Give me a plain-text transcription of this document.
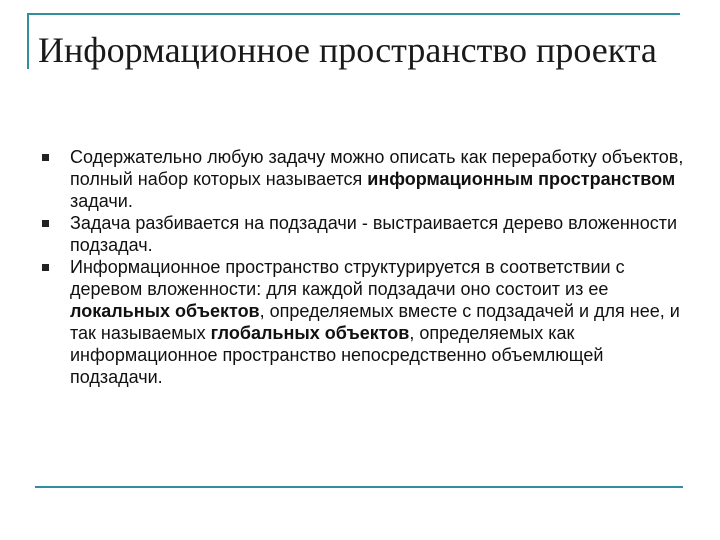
Информационное пространство проекта
Содержательно любую задачу можно описать как переработку объектов, полный набор которых называется информационным пространством задачи.
Задача разбивается на подзадачи - выстраивается дерево вложенности подзадач.
Информационное пространство структурируется в соответствии с деревом вложенности: для каждой подзадачи оно состоит из ее локальных объектов, определяемых вместе с подзадачей и для нее, и так называемых глобальных объектов, определяемых как информационное пространство непосредственно объемлющей подзадачи.
